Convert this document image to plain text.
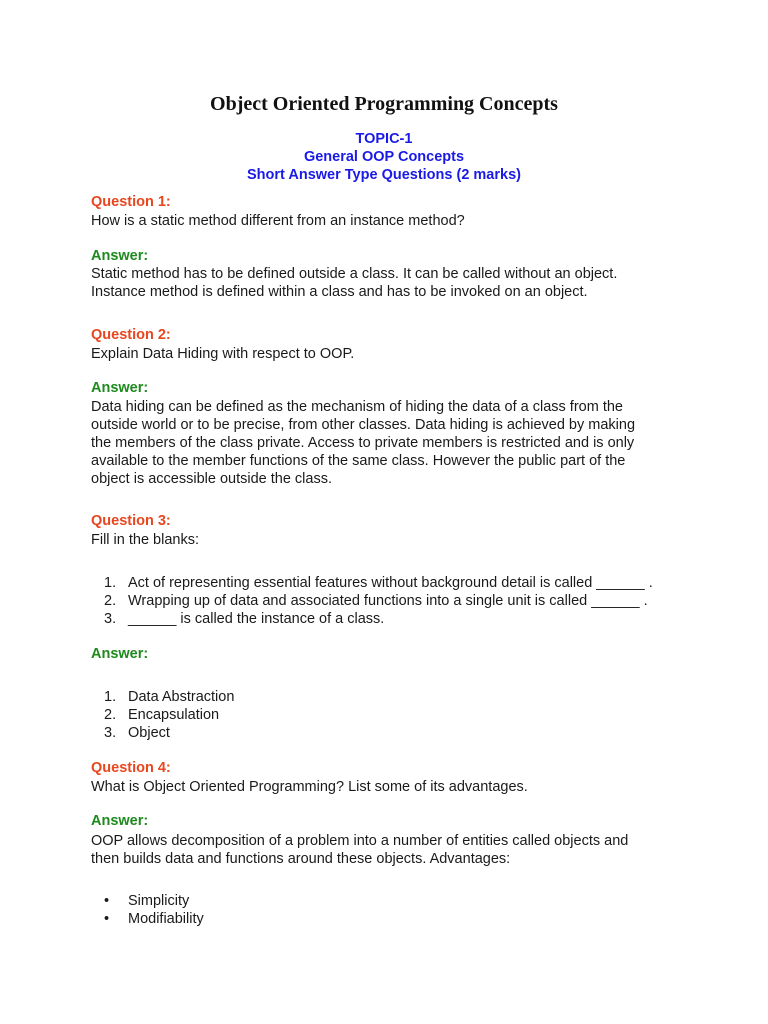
Object Oriented Programming Concepts
TOPIC-1
General OOP Concepts
Short Answer Type Questions (2 marks)
Question 1:
How is a static method different from an instance method?
Answer:
Static method has to be defined outside a class. It can be called without an object.
Instance method is defined within a class and has to be invoked on an object.
Question 2:
Explain Data Hiding with respect to OOP.
Answer:
Data hiding can be defined as the mechanism of hiding the data of a class from the
outside world or to be precise, from other classes. Data hiding is achieved by making
the members of the class private. Access to private members is restricted and is only
available to the member functions of the same class. However the public part of the
object is accessible outside the class.
Question 3:
Fill in the blanks:
1. Act of representing essential features without background detail is called ______ .
2. Wrapping up of data and associated functions into a single unit is called ______ .
3. ______ is called the instance of a class.
Answer:
1. Data Abstraction
2. Encapsulation
3. Object
Question 4:
What is Object Oriented Programming? List some of its advantages.
Answer:
OOP allows decomposition of a problem into a number of entities called objects and
then builds data and functions around these objects. Advantages:
• Simplicity
• Modifiability
